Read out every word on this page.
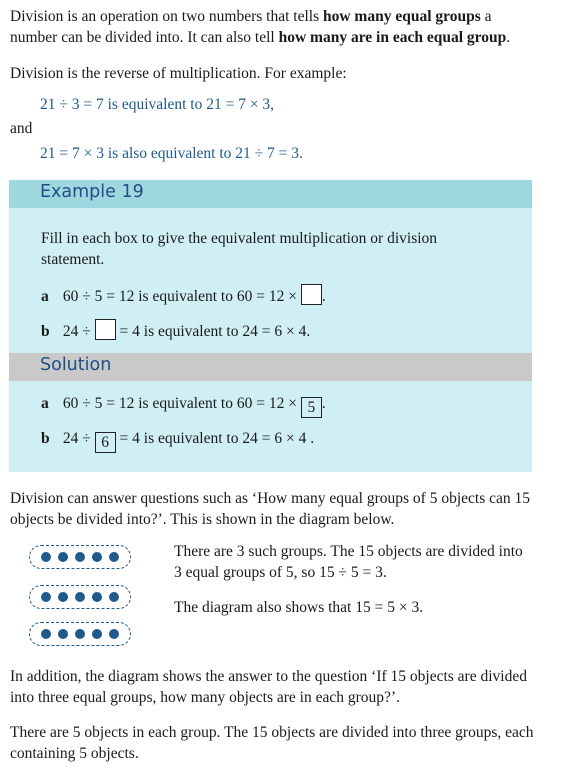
Division is an operation on two numbers that tells how many equal groups a number can be divided into. It can also tell how many are in each equal group.

Division is the reverse of multiplication. For example:

21 ÷ 3 = 7 is equivalent to 21 = 7 × 3,
and
21 = 7 × 3 is also equivalent to 21 ÷ 7 = 3.
Example 19

Fill in each box to give the equivalent multiplication or division statement.

a 60 ÷ 5 = 12 is equivalent to 60 = 12 × .
b 24 ÷ = 4 is equivalent to 24 = 6 × 4.
Solution
a 60 ÷ 5 = 12 is equivalent to 60 = 12 × 5 .
b 24 ÷ 6 = 4 is equivalent to 24 = 6 × 4 .

Division can answer questions such as ‘How many equal groups of 5 objects can 15 objects be divided into?’. This is shown in the diagram below.

There are 3 such groups. The 15 objects are divided into 3 equal groups of 5, so 15 ÷ 5 = 3.

The diagram also shows that 15 = 5 × 3.

In addition, the diagram shows the answer to the question ‘If 15 objects are divided into three equal groups, how many objects are in each group?’.

There are 5 objects in each group. The 15 objects are divided into three groups, each containing 5 objects.
